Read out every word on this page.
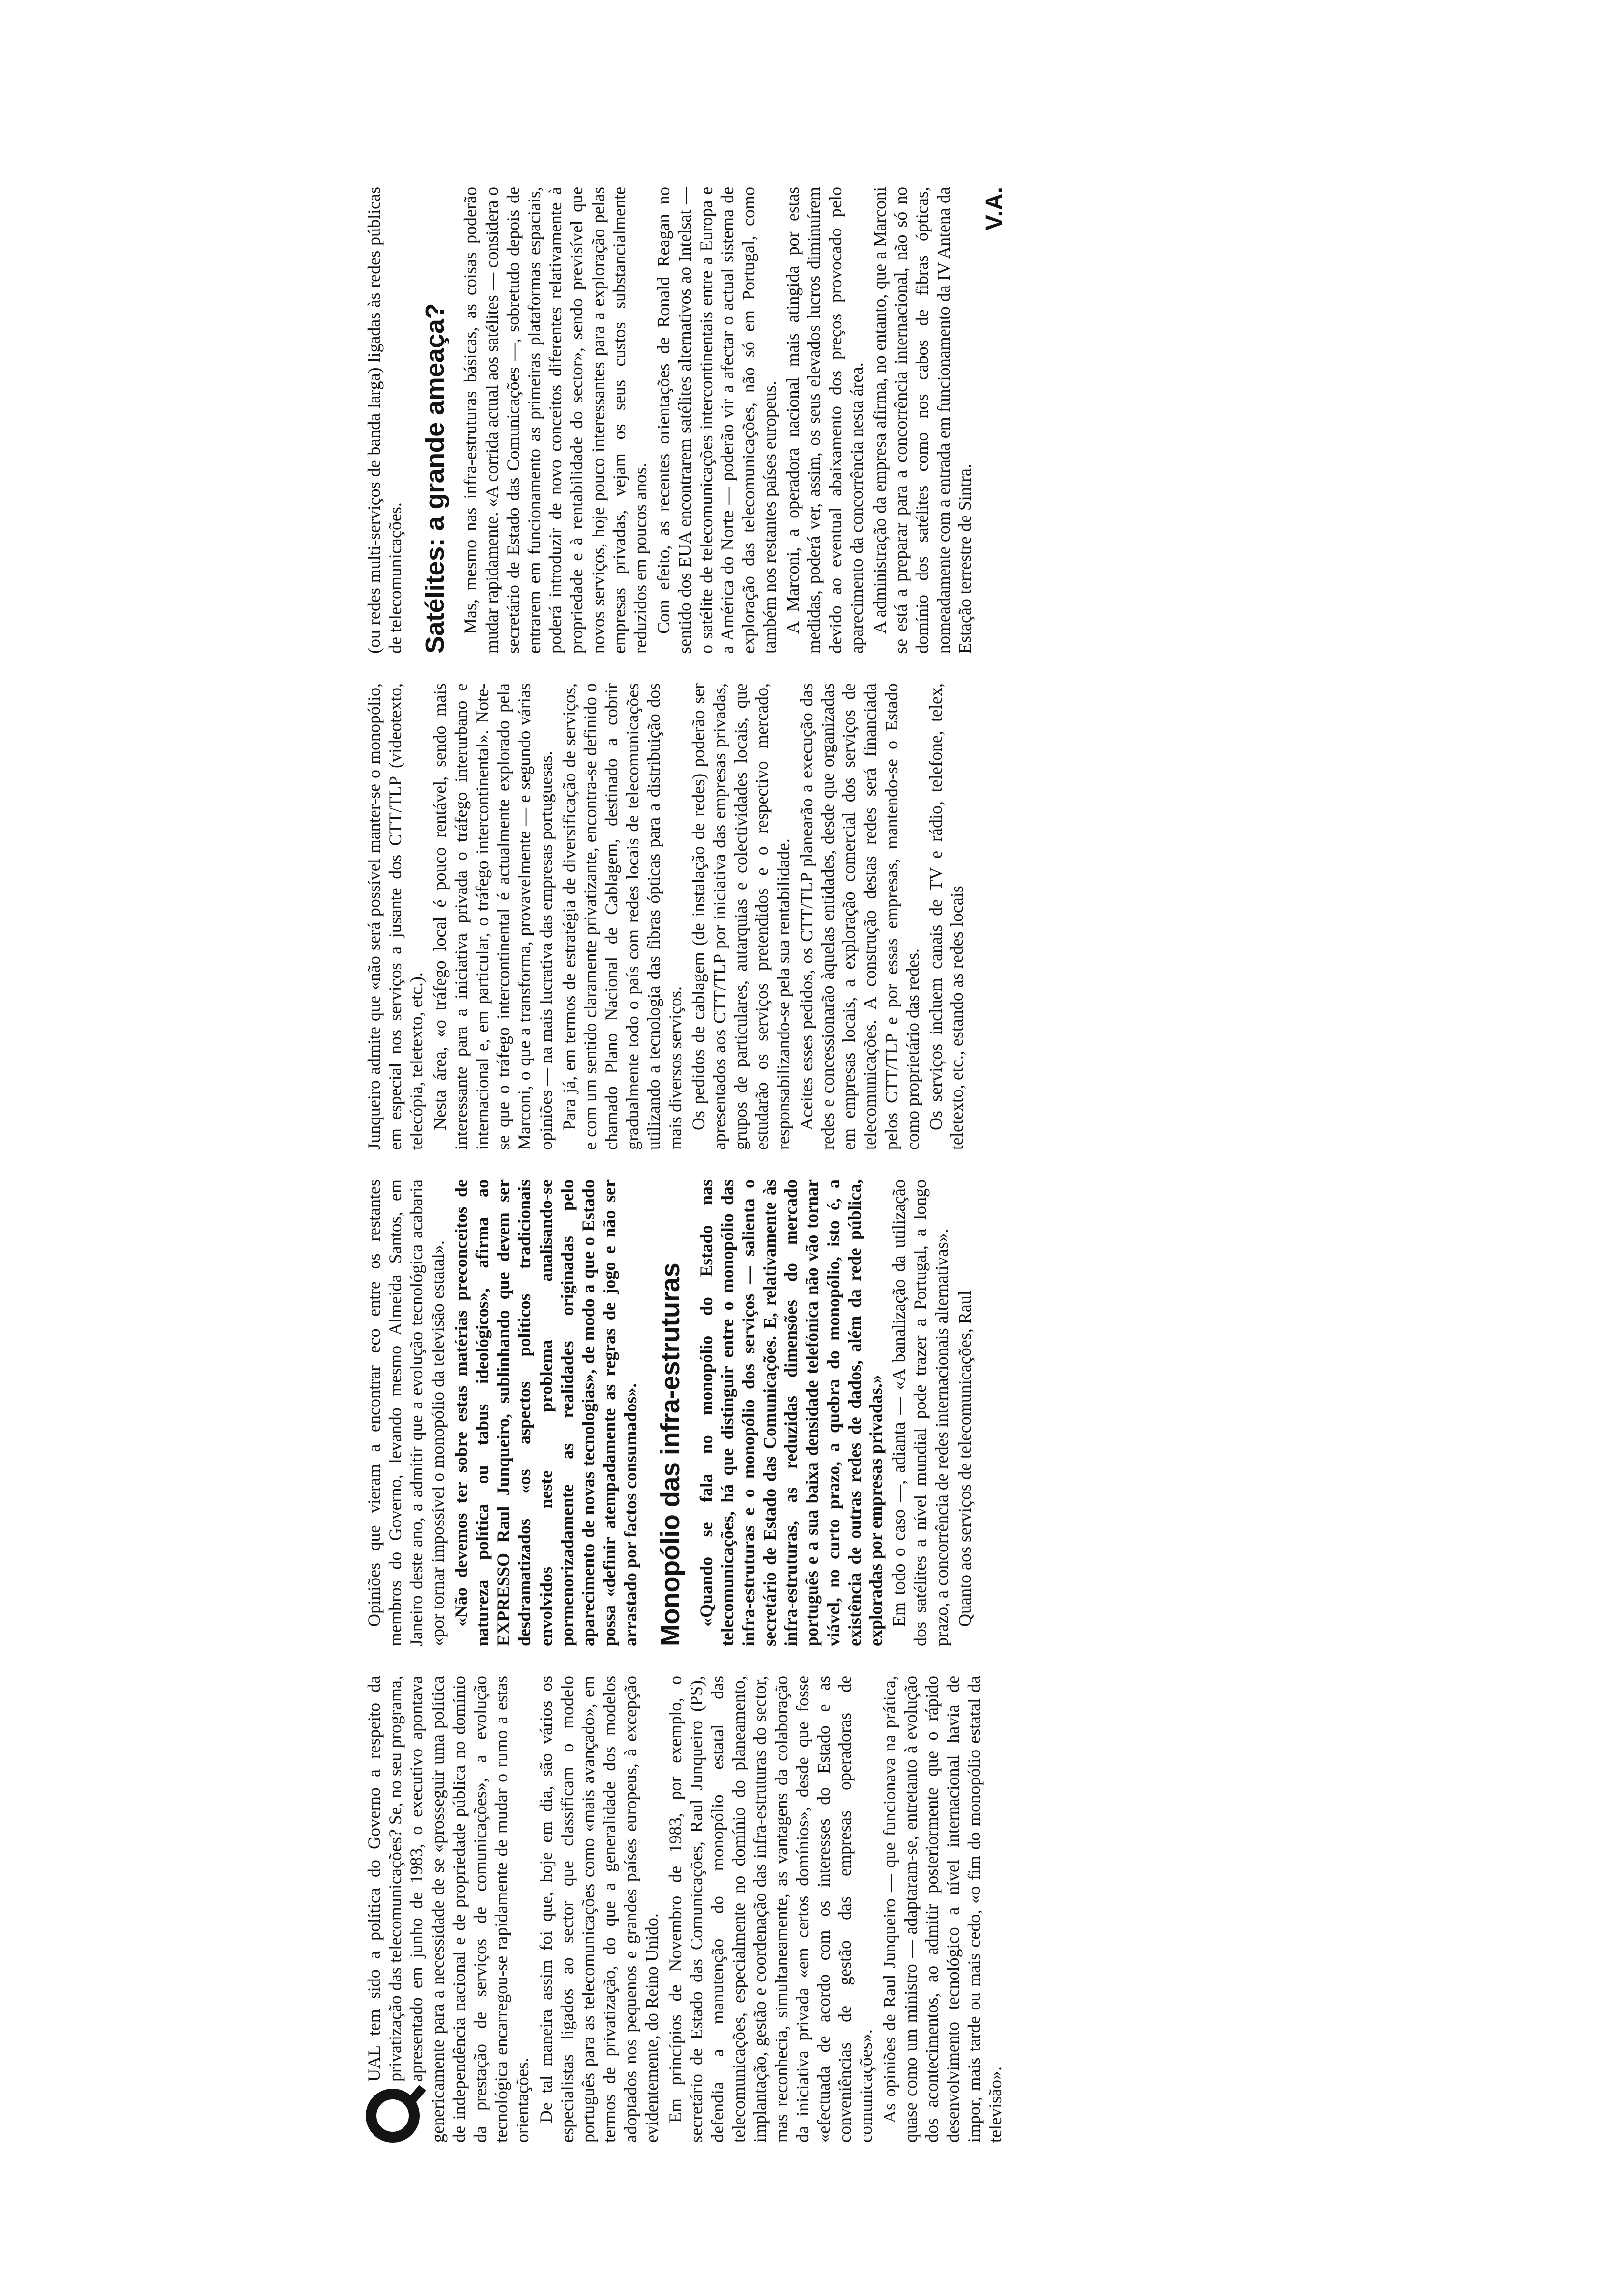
UAL tem sido a política do Governo a respeito da privatização das telecomunicações? Se, no seu programa, apresentado em junho de 1983, o executivo apontava genericamente para a necessidade de se «prosseguir uma política de independência nacional e de propriedade pública no domínio da prestação de serviços de comunicações», a evolução tecnológica encarregou-se rapidamente de mudar o rumo a estas orientações. De tal maneira assim foi que, hoje em dia, são vários os especialistas ligados ao sector que classificam o modelo português para as telecomunicações como «mais avançado», em termos de privatização, do que a generalidade dos modelos adoptados nos pequenos e grandes países europeus, à excepção evidentemente, do Reino Unido. Em princípios de Novembro de 1983, por exemplo, o secretário de Estado das Comunicações, Raul Junqueiro (PS), defendia a manutenção do monopólio estatal das telecomunicações, especialmente no domínio do planeamento, implantação, gestão e coordenação das infra-estruturas do sector, mas reconhecia, simultaneamente, as vantagens da colaboração da iniciativa privada «em certos domínios», desde que fosse «efectuada de acordo com os interesses do Estado e as conveniências de gestão das empresas operadoras de comunicações». As opiniões de Raul Junqueiro — que funcionava na prática, quase como um ministro — adaptaram-se, entretanto à evolução dos acontecimentos, ao admitir posteriormente que o rápido desenvolvimento tecnológico a nível internacional havia de impor, mais tarde ou mais cedo, «o fim do monopólio estatal da televisão».

Opiniões que vieram a encontrar eco entre os restantes membros do Governo, levando mesmo Almeida Santos, em Janeiro deste ano, a admitir que a evolução tecnológica acabaria «por tornar impossível o monopólio da televisão estatal». «Não devemos ter sobre estas matérias preconceitos de natureza política ou tabus ideológicos», afirma ao EXPRESSO Raul Junqueiro, sublinhando que devem ser desdramatizados «os aspectos políticos tradicionais envolvidos neste problema analisando-se pormenorizadamente as realidades originadas pelo aparecimento de novas tecnologias», de modo a que o Estado possa «definir atempadamente as regras de jogo e não ser arrastado por factos consumados». Monopólio das infra-estruturas «Quando se fala no monopólio do Estado nas telecomunicações, há que distinguir entre o monopólio das infra-estruturas e o monopólio dos serviços — salienta o secretário de Estado das Comunicações. E, relativamente às infra-estruturas, as reduzidas dimensões do mercado português e a sua baixa densidade telefónica não vão tornar viável, no curto prazo, a quebra do monopólio, isto é, a existência de outras redes de dados, além da rede pública, exploradas por empresas privadas.» Em todo o caso —, adianta — «A banalização da utilização dos satélites a nível mundial pode trazer a Portugal, a longo prazo, a concorrência de redes internacionais alternativas». Quanto aos serviços de telecomunicações, Raul

Junqueiro admite que «não será possível manter-se o monopólio, em especial nos serviços a jusante dos CTT/TLP (videotexto, telecópia, teletexto, etc.). Nesta área, «o tráfego local é pouco rentável, sendo mais interessante para a iniciativa privada o tráfego interurbano e internacional e, em particular, o tráfego intercontinental». Note-se que o tráfego intercontinental é actualmente explorado pela Marconi, o que a transforma, provavelmente — e segundo várias opiniões — na mais lucrativa das empresas portuguesas. Para já, em termos de estratégia de diversificação de serviços, e com um sentido claramente privatizante, encontra-se definido o chamado Plano Nacional de Cablagem, destinado a cobrir gradualmente todo o país com redes locais de telecomunicações utilizando a tecnologia das fibras ópticas para a distribuição dos mais diversos serviços. Os pedidos de cablagem (de instalação de redes) poderão ser apresentados aos CTT/TLP por iniciativa das empresas privadas, grupos de particulares, autarquias e colectividades locais, que estudarão os serviços pretendidos e o respectivo mercado, responsabilizando-se pela sua rentabilidade. Aceites esses pedidos, os CTT/TLP planearão a execução das redes e concessionarão àquelas entidades, desde que organizadas em empresas locais, a exploração comercial dos serviços de telecomunicações. A construção destas redes será financiada pelos CTT/TLP e por essas empresas, mantendo-se o Estado como proprietário das redes. Os serviços incluem canais de TV e rádio, telefone, telex, teletexto, etc., estando as redes locais

(ou redes multi-serviços de banda larga) ligadas às redes públicas de telecomunicações. Satélites: a grande ameaça? Mas, mesmo nas infra-estruturas básicas, as coisas poderão mudar rapidamente. «A corrida actual aos satélites — considera o secretário de Estado das Comunicações —, sobretudo depois de entrarem em funcionamento as primeiras plataformas espaciais, poderá introduzir de novo conceitos diferentes relativamente à propriedade e à rentabilidade do sector», sendo previsível que novos serviços, hoje pouco interessantes para a exploração pelas empresas privadas, vejam os seus custos substancialmente reduzidos em poucos anos. Com efeito, as recentes orientações de Ronald Reagan no sentido dos EUA encontrarem satélites alternativos ao Intelsat — o satélite de telecomunicações intercontinentais entre a Europa e a América do Norte — poderão vir a afectar o actual sistema de exploração das telecomunicações, não só em Portugal, como também nos restantes países europeus. A Marconi, a operadora nacional mais atingida por estas medidas, poderá ver, assim, os seus elevados lucros diminuírem devido ao eventual abaixamento dos preços provocado pelo aparecimento da concorrência nesta área. A administração da empresa afirma, no entanto, que a Marconi se está a preparar para a concorrência internacional, não só no domínio dos satélites como nos cabos de fibras ópticas, nomeadamente com a entrada em funcionamento da IV Antena da Estação terrestre de Sintra.

V.A.
